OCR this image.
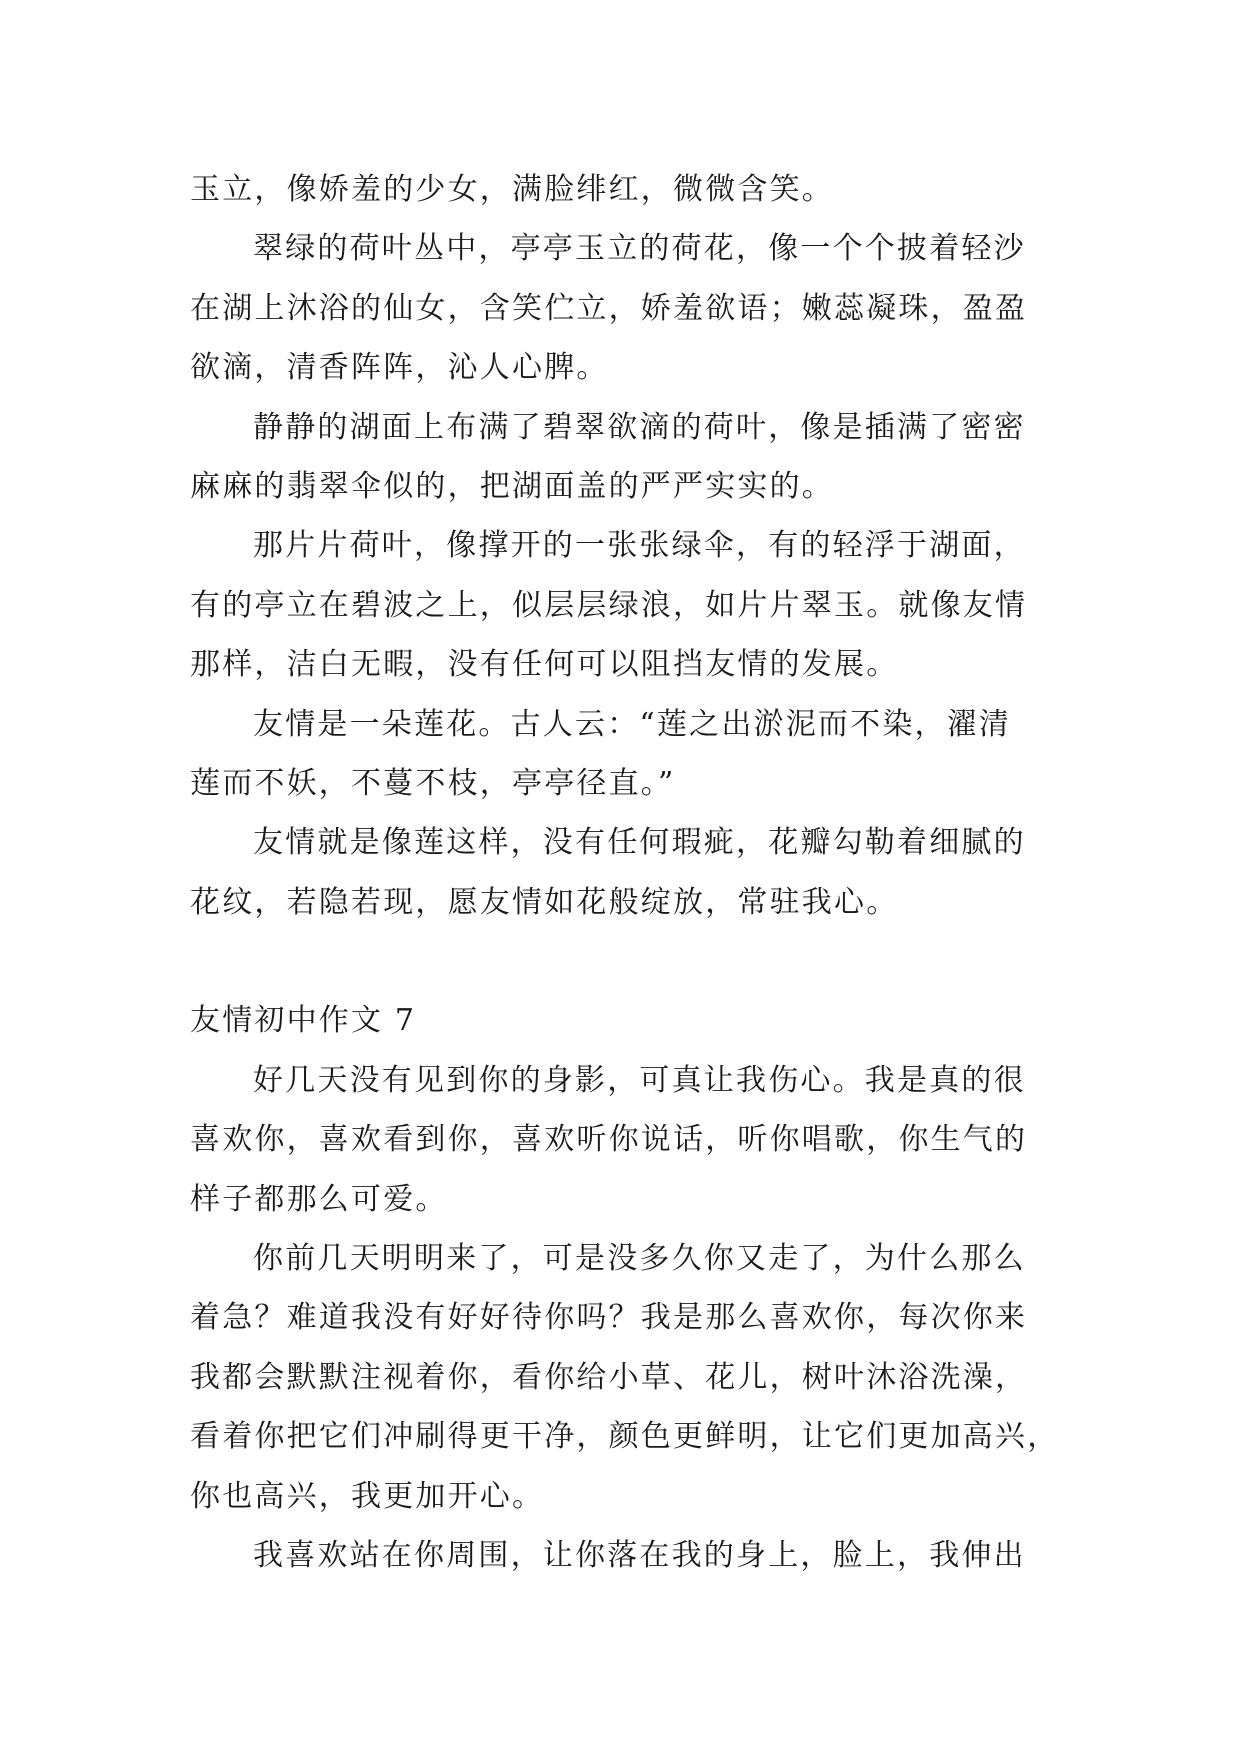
玉立，像娇羞的少女，满脸绯红，微微含笑。
翠绿的荷叶丛中，亭亭玉立的荷花，像一个个披着轻沙
在湖上沐浴的仙女，含笑伫立，娇羞欲语；嫩蕊凝珠，盈盈
欲滴，清香阵阵，沁人心脾。
静静的湖面上布满了碧翠欲滴的荷叶，像是插满了密密
麻麻的翡翠伞似的，把湖面盖的严严实实的。
那片片荷叶，像撑开的一张张绿伞，有的轻浮于湖面，
有的亭立在碧波之上，似层层绿浪，如片片翠玉。就像友情
那样，洁白无暇，没有任何可以阻挡友情的发展。
友情是一朵莲花。古人云：“莲之出淤泥而不染，濯清
莲而不妖，不蔓不枝，亭亭径直。”
友情就是像莲这样，没有任何瑕疵，花瓣勾勒着细腻的
花纹，若隐若现，愿友情如花般绽放，常驻我心。
友情初中作文 7
好几天没有见到你的身影，可真让我伤心。我是真的很
喜欢你，喜欢看到你，喜欢听你说话，听你唱歌，你生气的
样子都那么可爱。
你前几天明明来了，可是没多久你又走了，为什么那么
着急？难道我没有好好待你吗？我是那么喜欢你，每次你来
我都会默默注视着你，看你给小草、花儿，树叶沐浴洗澡，
看着你把它们冲刷得更干净，颜色更鲜明，让它们更加高兴，
你也高兴，我更加开心。
我喜欢站在你周围，让你落在我的身上，脸上，我伸出
